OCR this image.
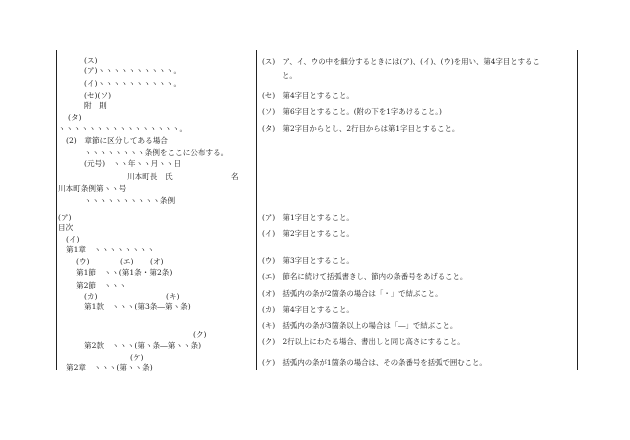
(ス)
(ア)ヽヽヽヽヽヽヽヽヽヽ。
(イ)ヽヽヽヽヽヽヽヽヽヽ。
(セ)(ソ)
附　則
(タ)
ヽヽヽヽヽヽヽヽヽヽヽヽヽヽヽヽ。
(2)　章節に区分してある場合
ヽヽヽヽヽヽヽヽ条例をここに公布する。
(元号)　ヽヽ年ヽヽ月ヽヽ日
川本町長　氏	名
川本町条例第ヽヽ号
ヽヽヽヽヽヽヽヽヽヽ条例
(ア)
目次
(イ)
第1章　ヽヽヽヽヽヽヽヽ
(ウ)	(エ) (オ)
第1節　ヽヽ(第1条・第2条)
第2節　ヽヽヽ
(カ)	(キ)
第1款　ヽヽヽ(第3条―第ヽ条)
(ク)
第2款　ヽヽヽ(第ヽ条―第ヽヽ条)
(ケ)
第2章　ヽヽヽ(第ヽヽ条)
(ス)　ア、イ、ウの中を細分するときには(ア)、(イ)、(ウ)を用い、第4字目とするこ
と。
(セ)　第4字目とすること。
(ソ)　第6字目とすること。(附の下を1字あけること。)
(タ)　第2字目からとし、2行目からは第1字目とすること。
(ア)　第1字目とすること。
(イ)　第2字目とすること。
(ウ)　第3字目とすること。
(エ)　節名に続けて括弧書きし、節内の条番号をあげること。
(オ)　括弧内の条が2箇条の場合は「・」で結ぶこと。
(カ)　第4字目とすること。
(キ)　括弧内の条が3箇条以上の場合は「―」で結ぶこと。
(ク)　2行以上にわたる場合、書出しと同じ高さにすること。
(ケ)　括弧内の条が1箇条の場合は、その条番号を括弧で囲むこと。
